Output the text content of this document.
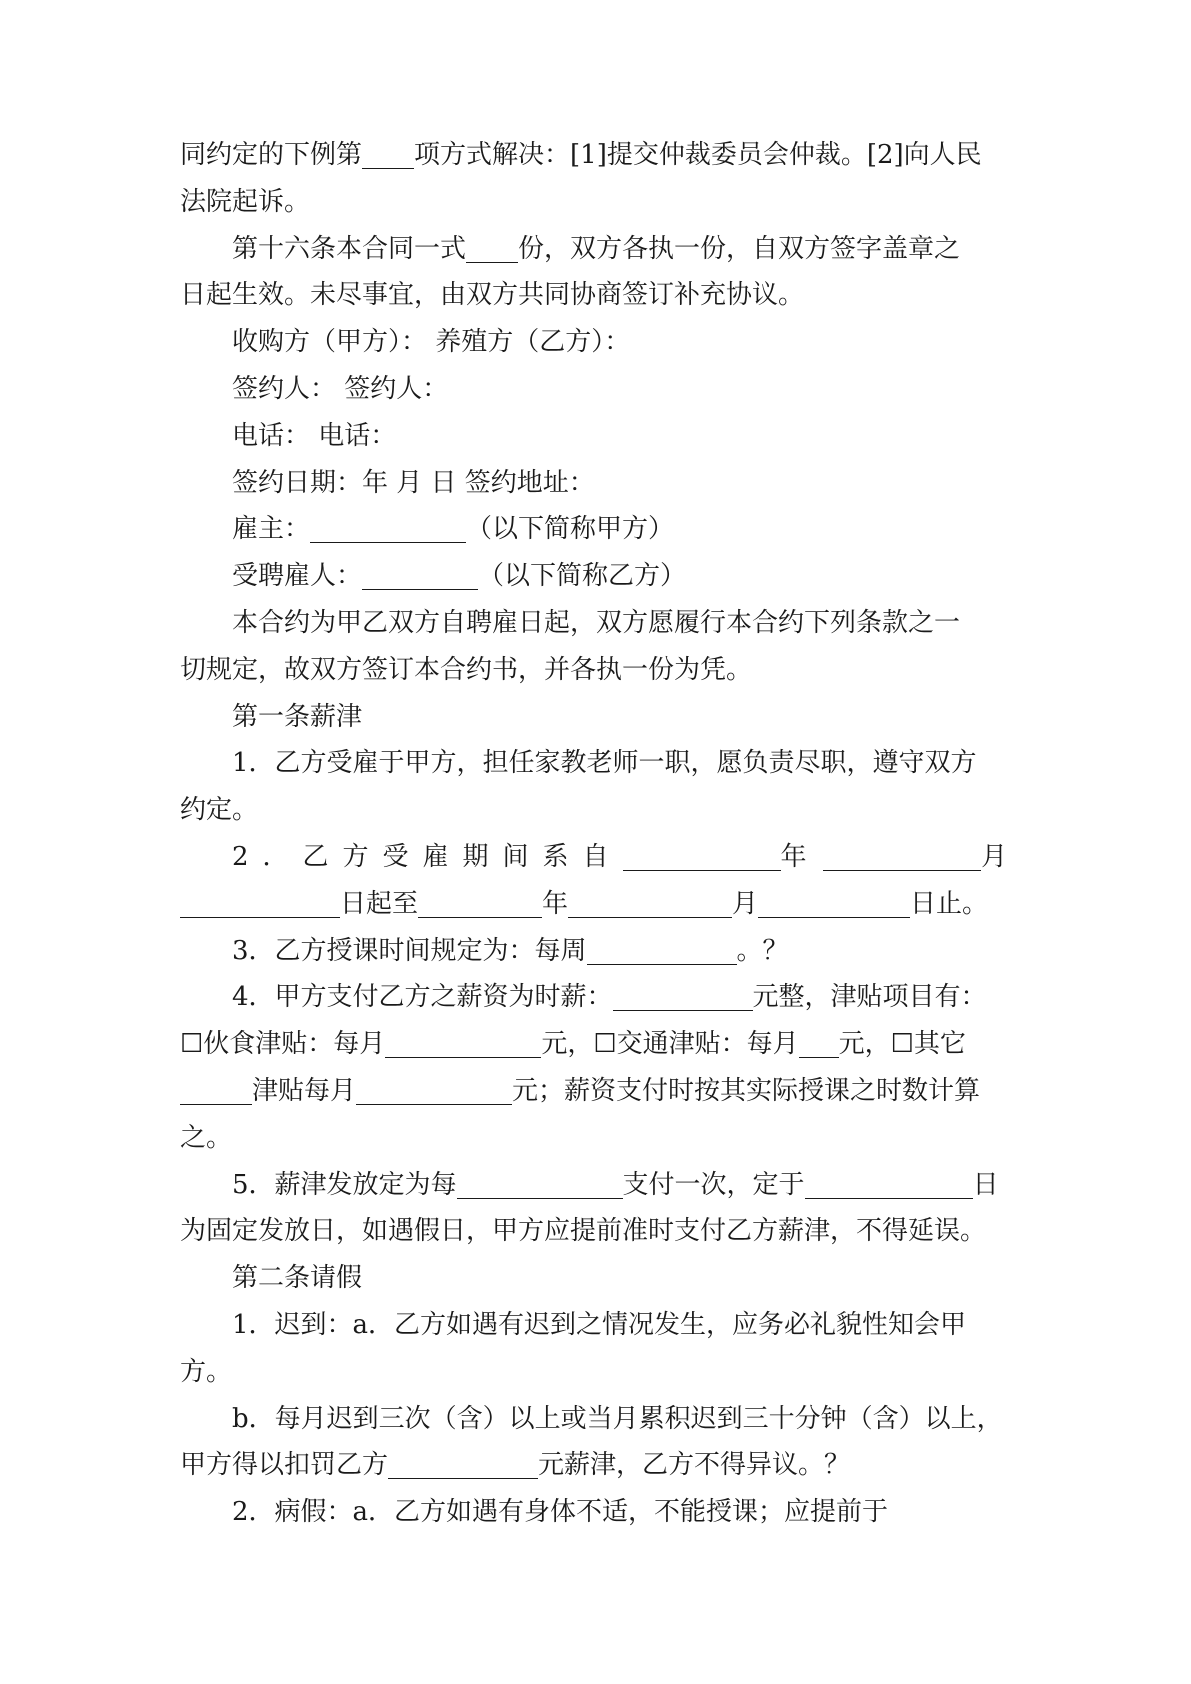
同约定的下例第 项方式解决：[1]提交仲裁委员会仲裁。[2]向人民
法院起诉。

第十六条本合同一式 份，双方各执一份，自双方签字盖章之
日起生效。未尽事宜，由双方共同协商签订补充协议。

收购方（甲方）： 养殖方（乙方）：

签约人： 签约人：

电话： 电话：

签约日期：年 月 日 签约地址：

雇主：	（以下简称甲方）

受聘雇人：	（以下简称乙方）

本合约为甲乙双方自聘雇日起，双方愿履行本合约下列条款之一
切规定，故双方签订本合约书，并各执一份为凭。

第一条薪津

1．乙方受雇于甲方，担任家教老师一职，愿负责尽职，遵守双方
约定。

2．乙方受雇期间系自	年	月
日起至	年	月	日止。

3．乙方授课时间规定为：每周	。？

4．甲方支付乙方之薪资为时薪：	元整，津贴项目有：
☐伙食津贴：每月	元，☐交通津贴：每月 元，☐其它
津贴每月	元；薪资支付时按其实际授课之时数计算
之。

5．薪津发放定为每	支付一次，定于	日
为固定发放日，如遇假日，甲方应提前准时支付乙方薪津，不得延误。

第二条请假

1．迟到：a．乙方如遇有迟到之情况发生，应务必礼貌性知会甲
方。

b．每月迟到三次（含）以上或当月累积迟到三十分钟（含）以上，
甲方得以扣罚乙方	元薪津，乙方不得异议。？

2．病假：a．乙方如遇有身体不适，不能授课；应提前于
